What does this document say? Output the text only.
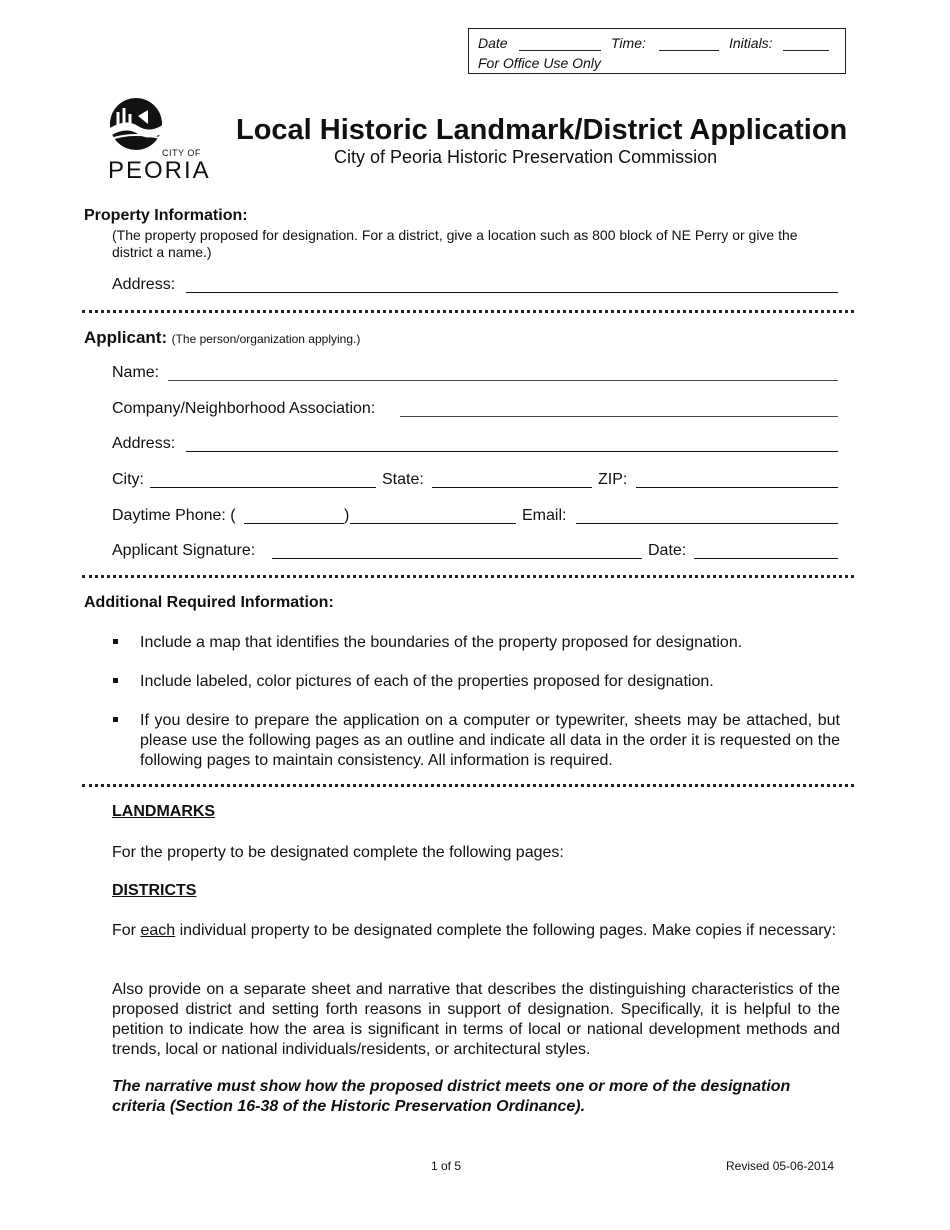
Date	Time:	Initials:
For Office Use Only
CITY OF
PEORIA
Local Historic Landmark/District Application
City of Peoria Historic Preservation Commission
Property Information:
(The property proposed for designation. For a district, give a location such as 800 block of NE Perry or give the district a name.)
Address:
Applicant: (The person/organization applying.)
Name:
Company/Neighborhood Association:
Address:
City:	State:	ZIP:
Daytime Phone: (	)	Email:
Applicant Signature:	Date:
Additional Required Information:
Include a map that identifies the boundaries of the property proposed for designation.
Include labeled, color pictures of each of the properties proposed for designation.
If you desire to prepare the application on a computer or typewriter, sheets may be attached, but please use the following pages as an outline and indicate all data in the order it is requested on the following pages to maintain consistency. All information is required.
LANDMARKS
For the property to be designated complete the following pages:
DISTRICTS
For each individual property to be designated complete the following pages. Make copies if necessary:
Also provide on a separate sheet and narrative that describes the distinguishing characteristics of the proposed district and setting forth reasons in support of designation. Specifically, it is helpful to the petition to indicate how the area is significant in terms of local or national development methods and trends, local or national individuals/residents, or architectural styles.
The narrative must show how the proposed district meets one or more of the designation criteria (Section 16-38 of the Historic Preservation Ordinance).
1 of 5	Revised 05-06-2014
